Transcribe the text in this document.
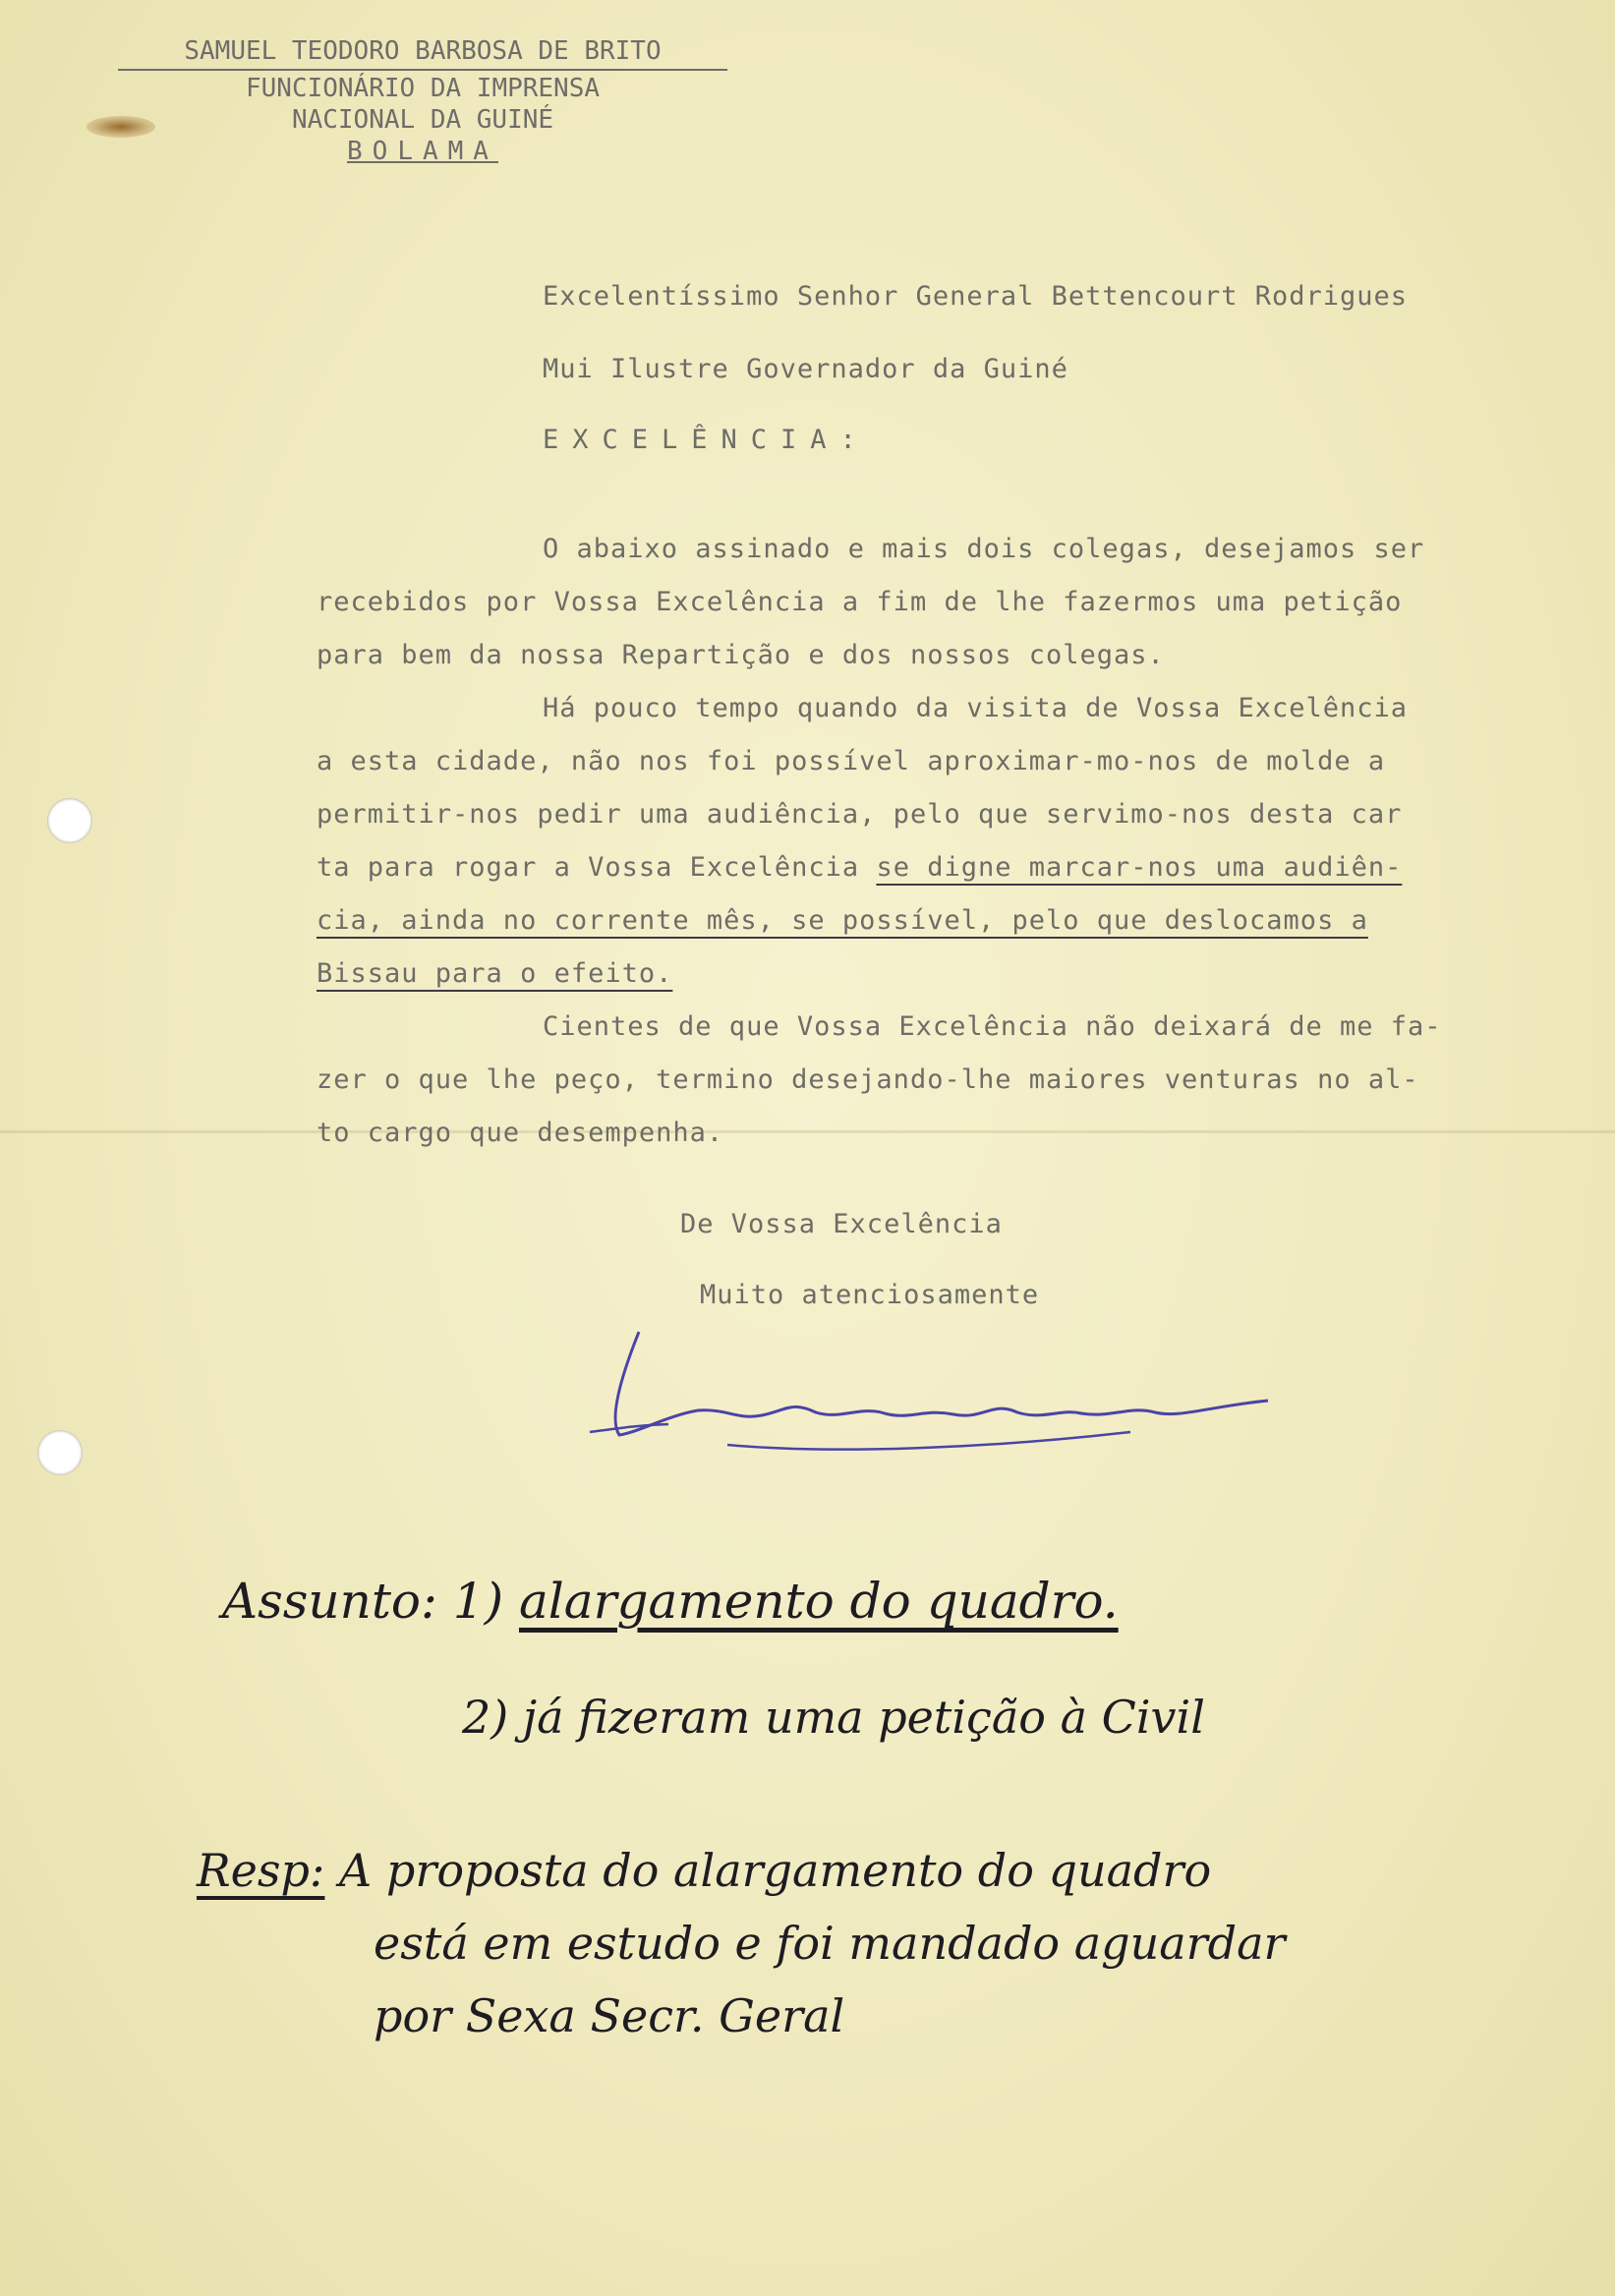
SAMUEL TEODORO BARBOSA DE BRITO
FUNCIONÁRIO DA IMPRENSA
NACIONAL DA GUINÉ
BOLAMA
Excelentíssimo Senhor General Bettencourt Rodrigues
Mui Ilustre Governador da Guiné
EXCELÊNCIA:

O abaixo assinado e mais dois colegas, desejamos ser

recebidos por Vossa Excelência a fim de lhe fazermos uma petição

para bem da nossa Repartição e dos nossos colegas.

Há pouco tempo quando da visita de Vossa Excelência

a esta cidade, não nos foi possível aproximar-mo-nos de molde a

permitir-nos pedir uma audiência, pelo que servimo-nos desta car

ta para rogar a Vossa Excelência se digne marcar-nos uma audiên-

cia, ainda no corrente mês, se possível, pelo que deslocamos a

Bissau para o efeito.

Cientes de que Vossa Excelência não deixará de me fa-

zer o que lhe peço, termino desejando-lhe maiores venturas no al-

to cargo que desempenha.

De Vossa Excelência
Muito atenciosamente
Assunto: 1) alargamento do quadro.
2) já fizeram uma petição à Civil
Resp: A proposta do alargamento do quadro
está em estudo e foi mandado aguardar
por Sexa Secr. Geral
